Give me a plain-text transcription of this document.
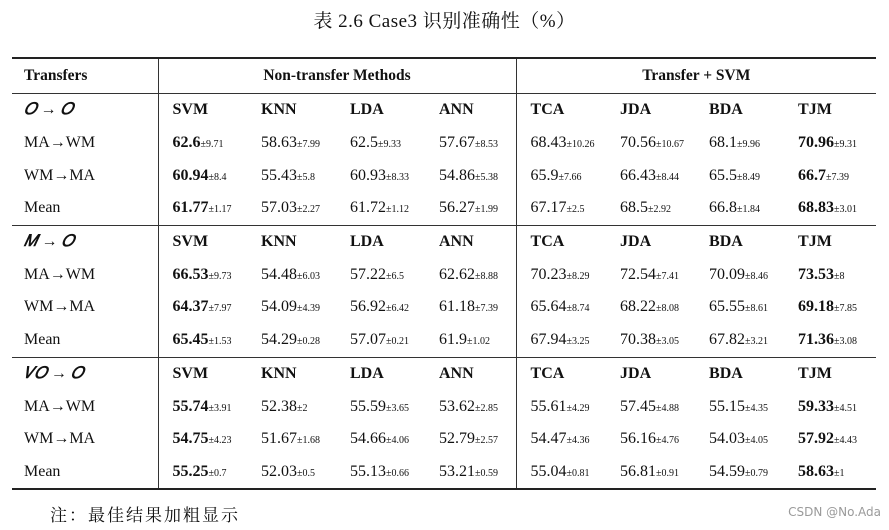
表 2.6 Case3 识别准确性（%）
Transfers	Non-transfer Methods				Transfer + SVM			
𝑂 → 𝑂	SVM	KNN	LDA	ANN	TCA	JDA	BDA	TJM
MA→WM	62.6±9.71	58.63±7.99	62.5±9.33	57.67±8.53	68.43±10.26	70.56±10.67	68.1±9.96	70.96±9.31
WM→MA	60.94±8.4	55.43±5.8	60.93±8.33	54.86±5.38	65.9±7.66	66.43±8.44	65.5±8.49	66.7±7.39
Mean	61.77±1.17	57.03±2.27	61.72±1.12	56.27±1.99	67.17±2.5	68.5±2.92	66.8±1.84	68.83±3.01
𝑀 → 𝑂	SVM	KNN	LDA	ANN	TCA	JDA	BDA	TJM
MA→WM	66.53±9.73	54.48±6.03	57.22±6.5	62.62±8.88	70.23±8.29	72.54±7.41	70.09±8.46	73.53±8
WM→MA	64.37±7.97	54.09±4.39	56.92±6.42	61.18±7.39	65.64±8.74	68.22±8.08	65.55±8.61	69.18±7.85
Mean	65.45±1.53	54.29±0.28	57.07±0.21	61.9±1.02	67.94±3.25	70.38±3.05	67.82±3.21	71.36±3.08
𝑉𝑂 → 𝑂	SVM	KNN	LDA	ANN	TCA	JDA	BDA	TJM
MA→WM	55.74±3.91	52.38±2	55.59±3.65	53.62±2.85	55.61±4.29	57.45±4.88	55.15±4.35	59.33±4.51
WM→MA	54.75±4.23	51.67±1.68	54.66±4.06	52.79±2.57	54.47±4.36	56.16±4.76	54.03±4.05	57.92±4.43
Mean	55.25±0.7	52.03±0.5	55.13±0.66	53.21±0.59	55.04±0.81	56.81±0.91	54.59±0.79	58.63±1
注：最佳结果加粗显示	CSDN @No.Ada
